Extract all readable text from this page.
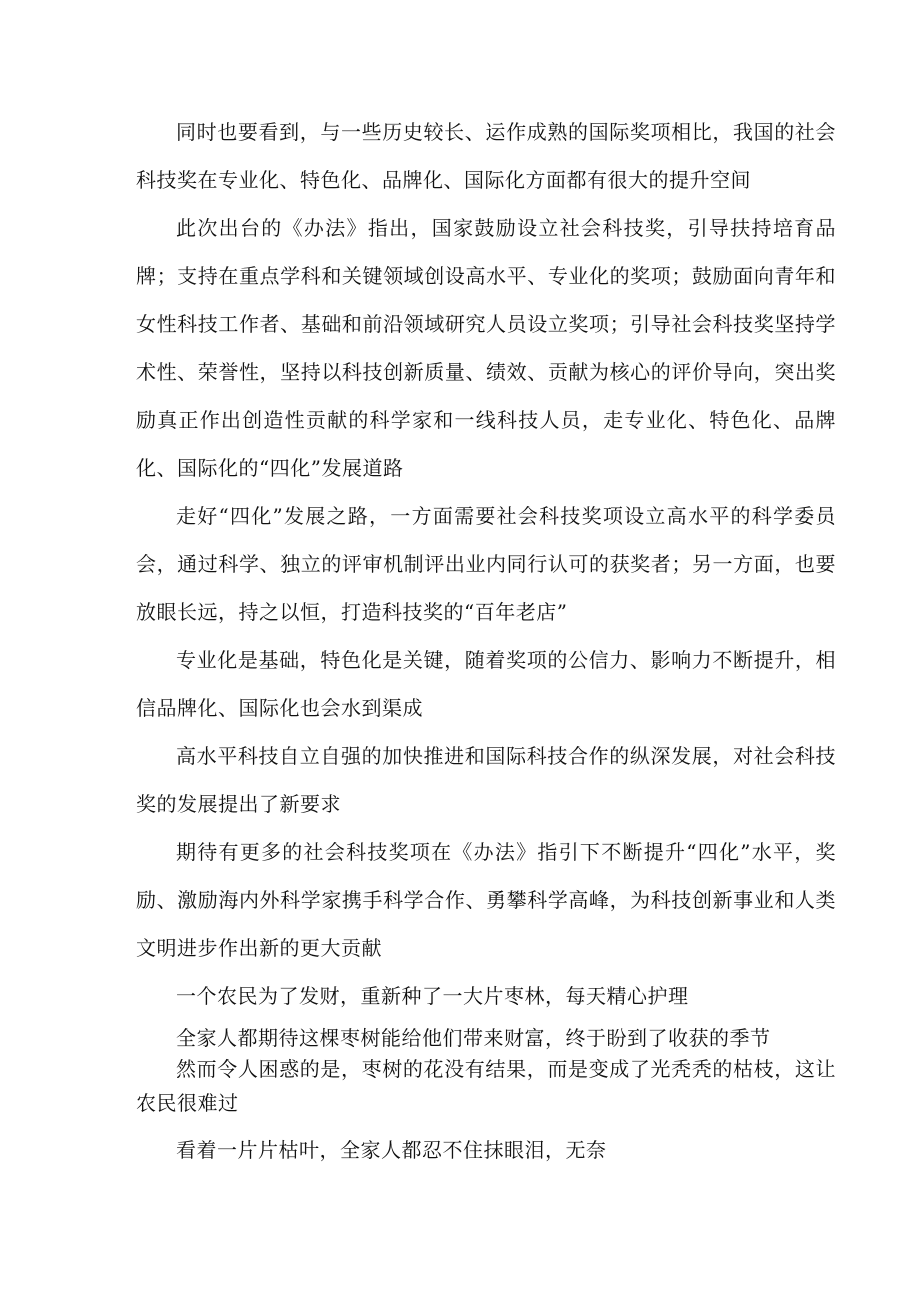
同时也要看到，与一些历史较长、运作成熟的国际奖项相比，我国的社会科技奖在专业化、特色化、品牌化、国际化方面都有很大的提升空间

此次出台的《办法》指出，国家鼓励设立社会科技奖，引导扶持培育品牌；支持在重点学科和关键领域创设高水平、专业化的奖项；鼓励面向青年和女性科技工作者、基础和前沿领域研究人员设立奖项；引导社会科技奖坚持学术性、荣誉性，坚持以科技创新质量、绩效、贡献为核心的评价导向，突出奖励真正作出创造性贡献的科学家和一线科技人员，走专业化、特色化、品牌化、国际化的“四化”发展道路

走好“四化”发展之路，一方面需要社会科技奖项设立高水平的科学委员会，通过科学、独立的评审机制评出业内同行认可的获奖者；另一方面，也要放眼长远，持之以恒，打造科技奖的“百年老店”

专业化是基础，特色化是关键，随着奖项的公信力、影响力不断提升，相信品牌化、国际化也会水到渠成

高水平科技自立自强的加快推进和国际科技合作的纵深发展，对社会科技奖的发展提出了新要求

期待有更多的社会科技奖项在《办法》指引下不断提升“四化”水平，奖励、激励海内外科学家携手科学合作、勇攀科学高峰，为科技创新事业和人类文明进步作出新的更大贡献

一个农民为了发财，重新种了一大片枣林，每天精心护理

全家人都期待这棵枣树能给他们带来财富，终于盼到了收获的季节

然而令人困惑的是，枣树的花没有结果，而是变成了光秃秃的枯枝，这让农民很难过

看着一片片枯叶，全家人都忍不住抹眼泪，无奈
